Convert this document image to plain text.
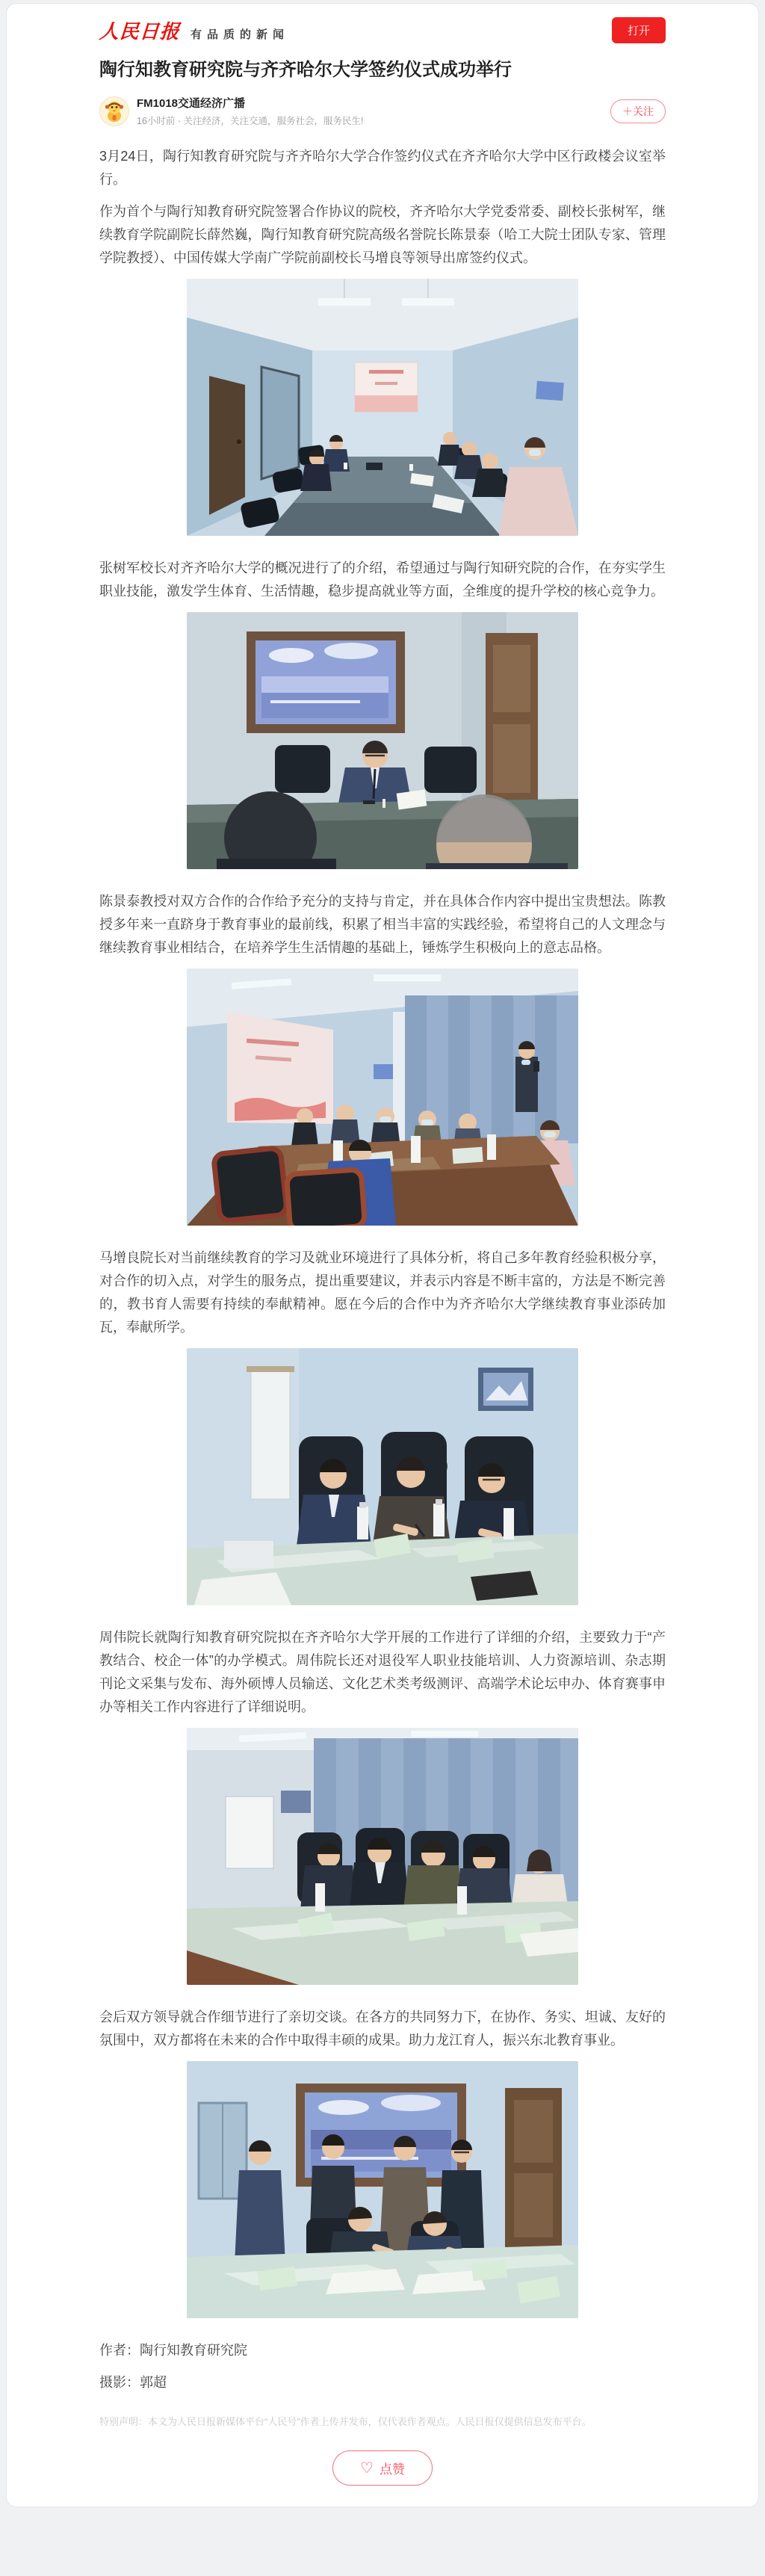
人民日报 有品质的新闻	打开
陶行知教育研究院与齐齐哈尔大学签约仪式成功举行
FM1018交通经济广播
16小时前 · 关注经济，关注交通，服务社会，服务民生!
＋关注

3月24日，陶行知教育研究院与齐齐哈尔大学合作签约仪式在齐齐哈尔大学中区行政楼会议室举行。

作为首个与陶行知教育研究院签署合作协议的院校，齐齐哈尔大学党委常委、副校长张树军，继续教育学院副院长薛然巍，陶行知教育研究院高级名誉院长陈景泰（哈工大院士团队专家、管理学院教授）、中国传媒大学南广学院前副校长马增良等领导出席签约仪式。

张树军校长对齐齐哈尔大学的概况进行了的介绍，希望通过与陶行知研究院的合作，在夯实学生职业技能，激发学生体育、生活情趣，稳步提高就业等方面，全维度的提升学校的核心竞争力。

陈景泰教授对双方合作的合作给予充分的支持与肯定，并在具体合作内容中提出宝贵想法。陈教授多年来一直跻身于教育事业的最前线，积累了相当丰富的实践经验，希望将自己的人文理念与继续教育事业相结合，在培养学生生活情趣的基础上，锤炼学生积极向上的意志品格。

马增良院长对当前继续教育的学习及就业环境进行了具体分析，将自己多年教育经验积极分享，对合作的切入点，对学生的服务点，提出重要建议，并表示内容是不断丰富的，方法是不断完善的，教书育人需要有持续的奉献精神。愿在今后的合作中为齐齐哈尔大学继续教育事业添砖加瓦，奉献所学。

周伟院长就陶行知教育研究院拟在齐齐哈尔大学开展的工作进行了详细的介绍，主要致力于“产教结合、校企一体”的办学模式。周伟院长还对退役军人职业技能培训、人力资源培训、杂志期刊论文采集与发布、海外硕博人员输送、文化艺术类考级测评、高端学术论坛申办、体育赛事申办等相关工作内容进行了详细说明。

会后双方领导就合作细节进行了亲切交谈。在各方的共同努力下，在协作、务实、坦诚、友好的氛围中，双方都将在未来的合作中取得丰硕的成果。助力龙江育人，振兴东北教育事业。

作者：陶行知教育研究院

摄影：郭超

特别声明：本文为人民日报新媒体平台“人民号”作者上传并发布，仅代表作者观点。人民日报仅提供信息发布平台。
♡ 点赞
